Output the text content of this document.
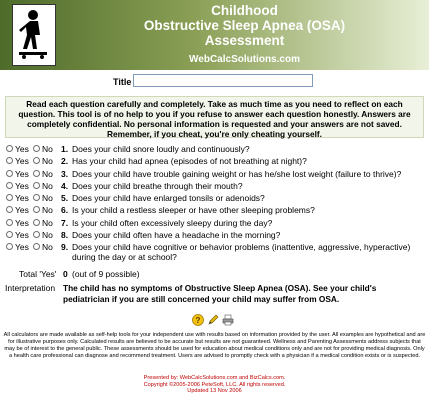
Childhood
Obstructive Sleep Apnea (OSA)
Assessment
WebCalcSolutions.com
Title
Read each question carefully and completely. Take as much time as you need to reflect on each question. This tool is of no help to you if you refuse to answer each question honestly. Answers are completely confidential. No personal information is requested and your answers are not saved. Remember, if you cheat, you're only cheating yourself.
Yes No 1. Does your child snore loudly and continuously?
Yes No 2. Has your child had apnea (episodes of not breathing at night)?
Yes No 3. Does your child have trouble gaining weight or has he/she lost weight (failure to thrive)?
Yes No 4. Does your child breathe through their mouth?
Yes No 5. Does your child have enlarged tonsils or adenoids?
Yes No 6. Is your child a restless sleeper or have other sleeping problems?
Yes No 7. Is your child often excessively sleepy during the day?
Yes No 8. Does your child often have a headache in the morning?
Yes No 9. Does your child have cognitive or behavior problems (inattentive, aggressive, hyperactive) during the day or at school?
Total 'Yes' 0 (out of 9 possible)
Interpretation The child has no symptoms of Obstructive Sleep Apnea (OSA). See your child's pediatrician if you are still concerned your child may suffer from OSA.
?
All calculators are made available as self-help tools for your independent use with results based on information provided by the user. All examples are hypothetical and are for illustrative purposes only. Calculated results are believed to be accurate but results are not guaranteed. Wellness and Parenting Assessments address subjects that may be of interest to the general public. These assessments should be used for education about medical conditions only and are not for providing medical diagnosis. Only a health care professional can diagnose and recommend treatment. Users are advised to promptly check with a physician if a medical condition exists or is suspected.
Presented by: WebCalcSolutions.com and BizCalcs.com.
Copyright ©2005-2006 PeteSoft, LLC. All rights reserved.
Updated 13 Nov 2006
